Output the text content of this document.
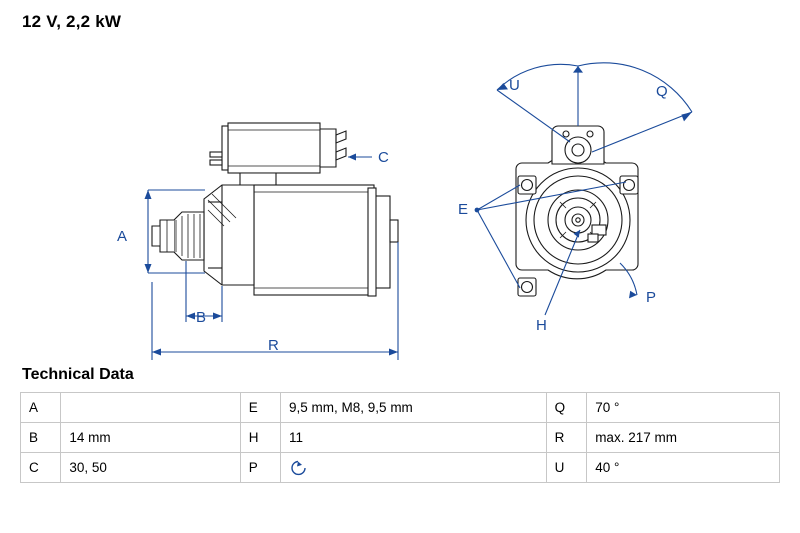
12 V, 2,2 kW
C
A
B
R
U	Q
E
H
P
Technical Data
A		E	9,5 mm, M8, 9,5 mm	Q	70 °
B	14 mm	H	11	R	max. 217 mm
C	30, 50	P		U	40 °
